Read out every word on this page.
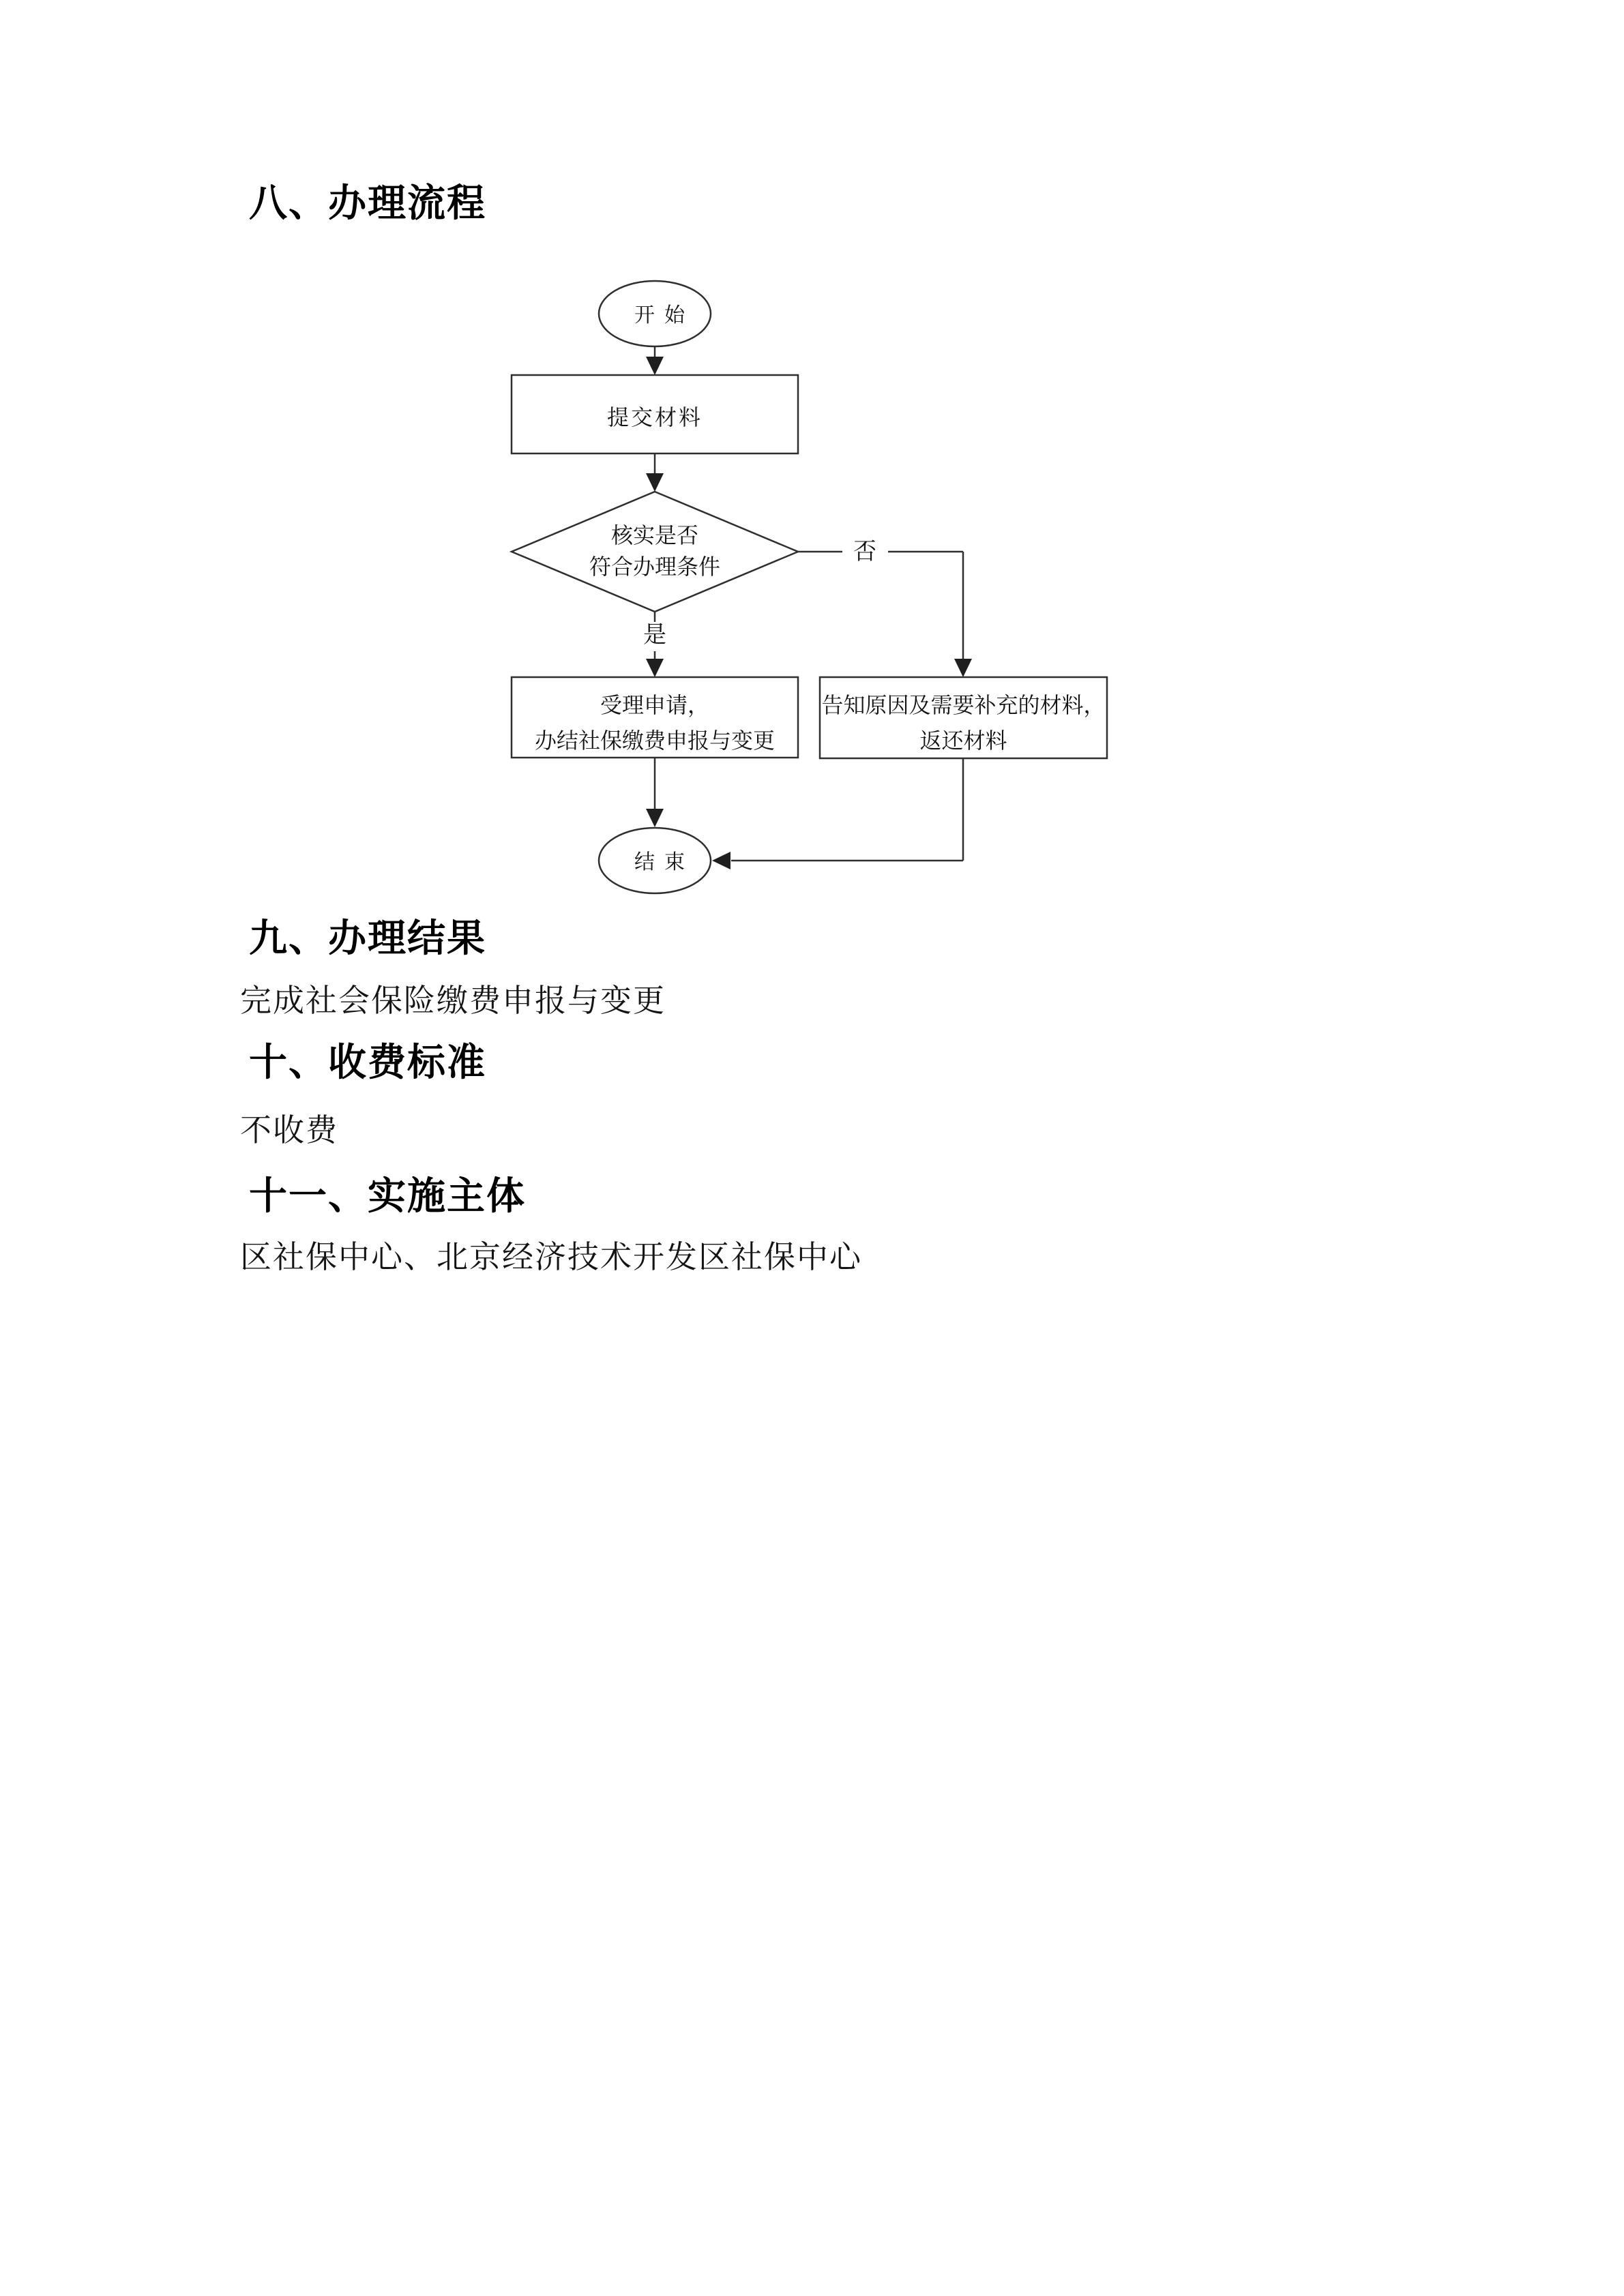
八、办理流程
九、办理结果
完成社会保险缴费申报与变更
十、收费标准
不收费
十一、实施主体
区社保中心、北京经济技术开发区社保中心
开始
提交材料
核实是否
符合办理条件
是
否
受理申请，
办结社保缴费申报与变更
告知原因及需要补充的材料，
返还材料
结束
